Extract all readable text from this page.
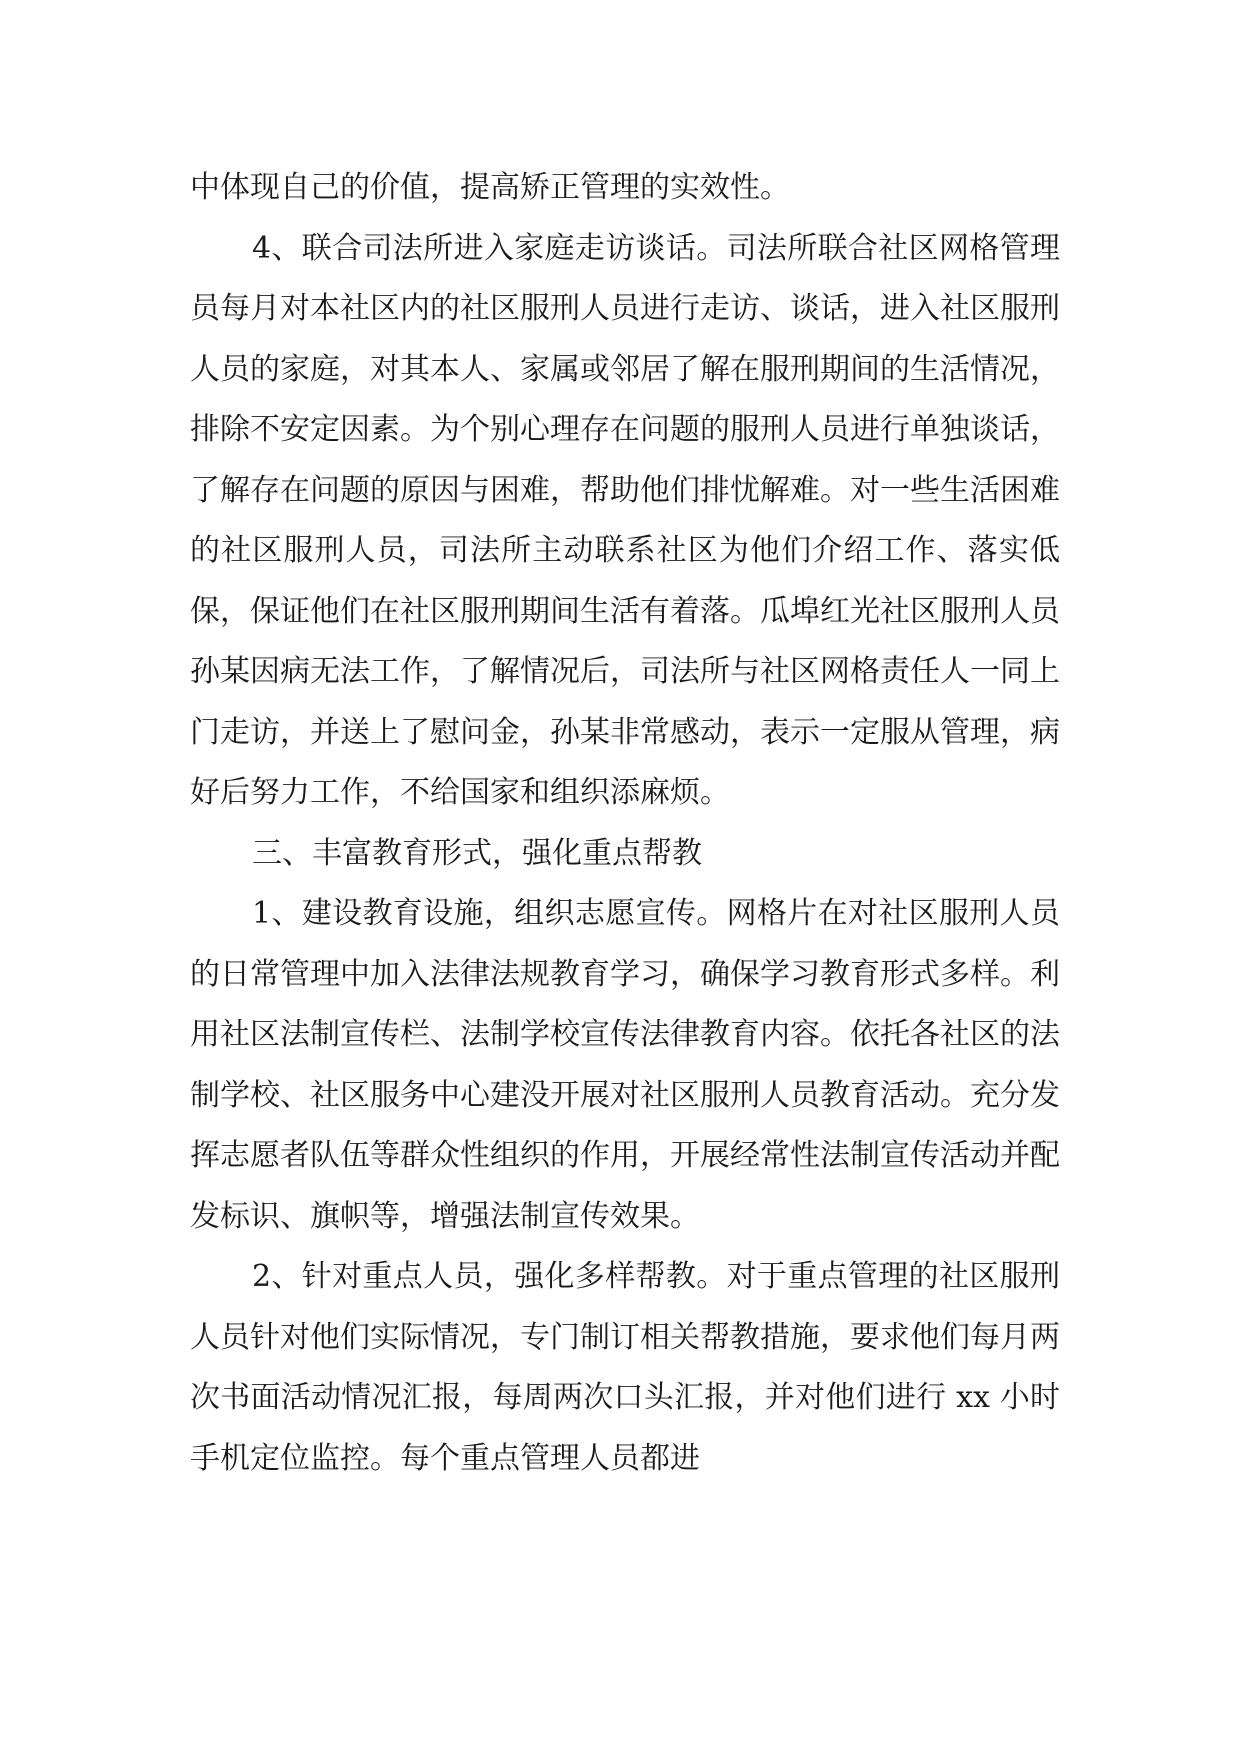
中体现自己的价值，提高矫正管理的实效性。

4、联合司法所进入家庭走访谈话。司法所联合社区网格管理员每月对本社区内的社区服刑人员进行走访、谈话，进入社区服刑人员的家庭，对其本人、家属或邻居了解在服刑期间的生活情况，排除不安定因素。为个别心理存在问题的服刑人员进行单独谈话，了解存在问题的原因与困难，帮助他们排忧解难。对一些生活困难的社区服刑人员，司法所主动联系社区为他们介绍工作、落实低保，保证他们在社区服刑期间生活有着落。瓜埠红光社区服刑人员孙某因病无法工作，了解情况后，司法所与社区网格责任人一同上门走访，并送上了慰问金，孙某非常感动，表示一定服从管理，病好后努力工作，不给国家和组织添麻烦。

三、丰富教育形式，强化重点帮教

1、建设教育设施，组织志愿宣传。网格片在对社区服刑人员的日常管理中加入法律法规教育学习，确保学习教育形式多样。利用社区法制宣传栏、法制学校宣传法律教育内容。依托各社区的法制学校、社区服务中心建没开展对社区服刑人员教育活动。充分发挥志愿者队伍等群众性组织的作用，开展经常性法制宣传活动并配发标识、旗帜等，增强法制宣传效果。

2、针对重点人员，强化多样帮教。对于重点管理的社区服刑人员针对他们实际情况，专门制订相关帮教措施，要求他们每月两次书面活动情况汇报，每周两次口头汇报，并对他们进行 xx 小时手机定位监控。每个重点管理人员都进
